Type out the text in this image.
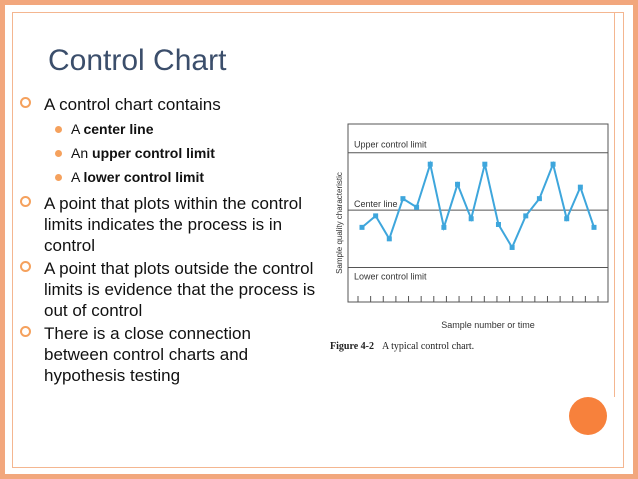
Control Chart
A control chart contains
A center line
An upper control limit
A lower control limit
A point that plots within the control limits indicates the process is in control
A point that plots outside the control limits is evidence that the process is out of control
There is a close connection between control charts and hypothesis testing
Sample quality characteristic
Sample number or time
Upper control limit
Center line
Lower control limit
Figure 4-2 A typical control chart.
